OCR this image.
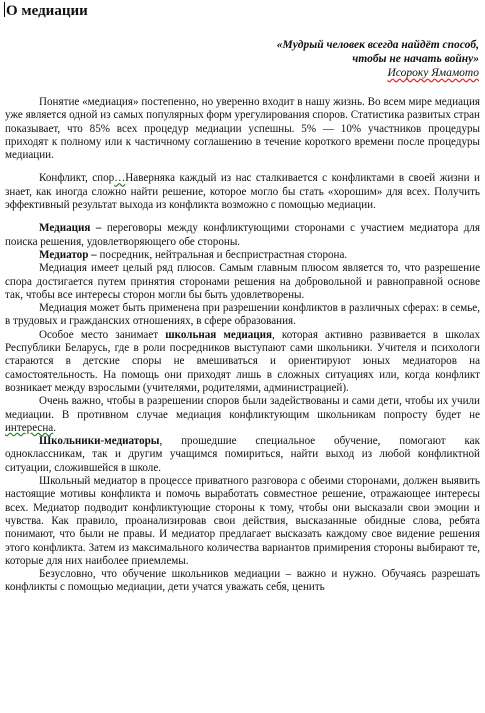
О медиации
«Мудрый человек всегда найдёт способ,
чтобы не начать войну»
Исороку Ямамото

Понятие «медиация» постепенно, но уверенно входит в нашу жизнь. Во всем мире медиация уже является одной из самых популярных форм урегулирования споров. Статистика развитых стран показывает, что 85% всех процедур медиации успешны. 5% — 10% участников процедуры приходят к полному или к частичному соглашению в течение короткого времени после процедуры медиации.

Конфликт, спор…Наверняка каждый из нас сталкивается с конфликтами в своей жизни и знает, как иногда сложно найти решение, которое могло бы стать «хорошим» для всех. Получить эффективный результат выхода из конфликта возможно с помощью медиации.

Медиация – переговоры между конфликтующими сторонами с участием медиатора для поиска решения, удовлетворяющего обе стороны.

Медиатор – посредник, нейтральная и беспристрастная сторона.

Медиация имеет целый ряд плюсов. Самым главным плюсом является то, что разрешение спора достигается путем принятия сторонами решения на добровольной и равноправной основе так, чтобы все интересы сторон могли бы быть удовлетворены.

Медиация может быть применена при разрешении конфликтов в различных сферах: в семье, в трудовых и гражданских отношениях, в сфере образования.

Особое место занимает школьная медиация, которая активно развивается в школах Республики Беларусь, где в роли посредников выступают сами школьники. Учителя и психологи стараются в детские споры не вмешиваться и ориентируют юных медиаторов на самостоятельность. На помощь они приходят лишь в сложных ситуациях или, когда конфликт возникает между взрослыми (учителями, родителями, администрацией).

Очень важно, чтобы в разрешении споров были задействованы и сами дети, чтобы их учили медиации. В противном случае медиация конфликтующим школьникам попросту будет не интересна.

Школьники-медиаторы, прошедшие специальное обучение, помогают как одноклассникам, так и другим учащимся помириться, найти выход из любой конфликтной ситуации, сложившейся в школе.

Школьный медиатор в процессе приватного разговора с обеими сторонами, должен выявить настоящие мотивы конфликта и помочь выработать совместное решение, отражающее интересы всех. Медиатор подводит конфликтующие стороны к тому, чтобы они высказали свои эмоции и чувства. Как правило, проанализировав свои действия, высказанные обидные слова, ребята понимают, что были не правы. И медиатор предлагает высказать каждому свое видение решения этого конфликта. Затем из максимального количества вариантов примирения стороны выбирают те, которые для них наиболее приемлемы.

Безусловно, что обучение школьников медиации – важно и нужно. Обучаясь разрешать конфликты с помощью медиации, дети учатся уважать себя, ценить
